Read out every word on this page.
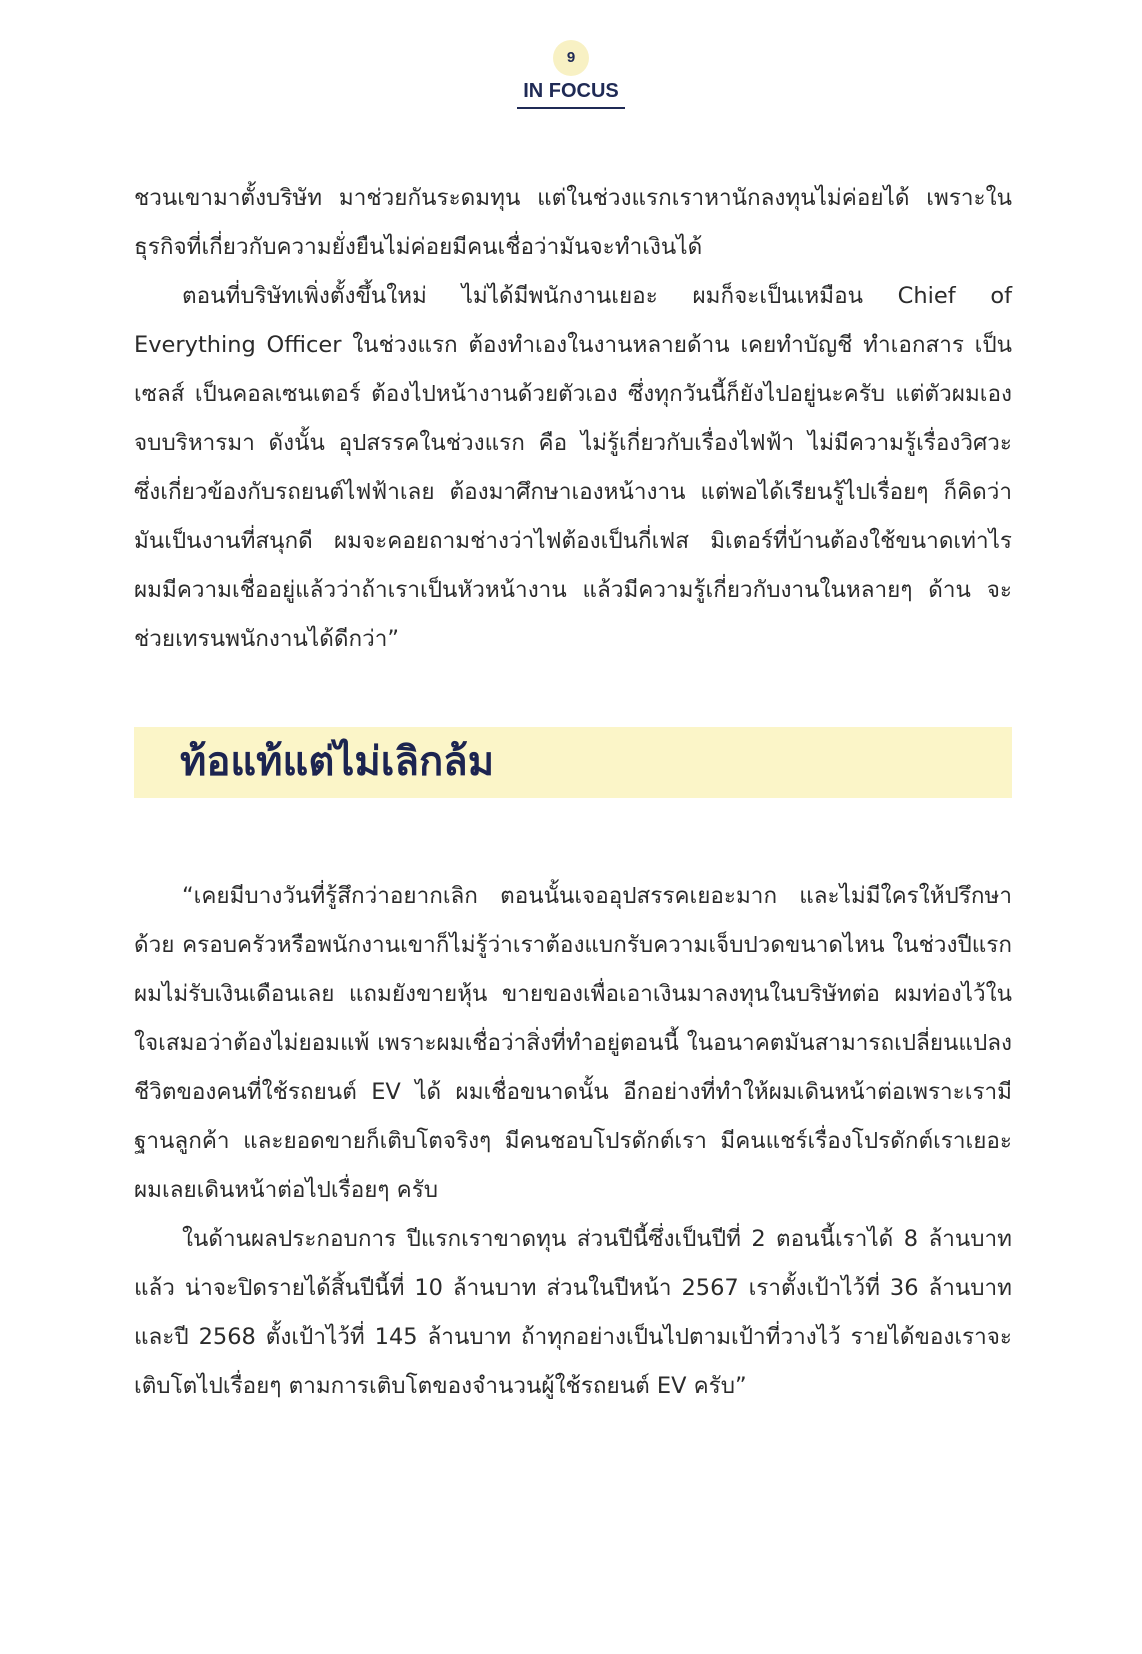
9
IN FOCUS

ชวนเขามาตั้งบริษัท มาช่วยกันระดมทุน แต่ในช่วงแรกเราหานักลงทุนไม่ค่อยได้ เพราะในธุรกิจที่เกี่ยวกับความยั่งยืนไม่ค่อยมีคนเชื่อว่ามันจะทำเงินได้

ตอนที่บริษัทเพิ่งตั้งขึ้นใหม่ ไม่ได้มีพนักงานเยอะ ผมก็จะเป็นเหมือน Chief of Everything Officer ในช่วงแรก ต้องทำเองในงานหลายด้าน เคยทำบัญชี ทำเอกสาร เป็นเซลส์ เป็นคอลเซนเตอร์ ต้องไปหน้างานด้วยตัวเอง ซึ่งทุกวันนี้ก็ยังไปอยู่นะครับ แต่ตัวผมเองจบบริหารมา ดังนั้น อุปสรรคในช่วงแรก คือ ไม่รู้เกี่ยวกับเรื่องไฟฟ้า ไม่มีความรู้เรื่องวิศวะ ซึ่งเกี่ยวข้องกับรถยนต์ไฟฟ้าเลย ต้องมาศึกษาเองหน้างาน แต่พอได้เรียนรู้ไปเรื่อยๆ ก็คิดว่ามันเป็นงานที่สนุกดี ผมจะคอยถามช่างว่าไฟต้องเป็นกี่เฟส มิเตอร์ที่บ้านต้องใช้ขนาดเท่าไร ผมมีความเชื่ออยู่แล้วว่าถ้าเราเป็นหัวหน้างาน แล้วมีความรู้เกี่ยวกับงานในหลายๆ ด้าน จะช่วยเทรนพนักงานได้ดีกว่า”

ท้อแท้แต่ไม่เลิกล้ม

“เคยมีบางวันที่รู้สึกว่าอยากเลิก ตอนนั้นเจออุปสรรคเยอะมาก และไม่มีใครให้ปรึกษาด้วย ครอบครัวหรือพนักงานเขาก็ไม่รู้ว่าเราต้องแบกรับความเจ็บปวดขนาดไหน ในช่วงปีแรกผมไม่รับเงินเดือนเลย แถมยังขายหุ้น ขายของเพื่อเอาเงินมาลงทุนในบริษัทต่อ ผมท่องไว้ในใจเสมอว่าต้องไม่ยอมแพ้ เพราะผมเชื่อว่าสิ่งที่ทำอยู่ตอนนี้ ในอนาคตมันสามารถเปลี่ยนแปลงชีวิตของคนที่ใช้รถยนต์ EV ได้ ผมเชื่อขนาดนั้น อีกอย่างที่ทำให้ผมเดินหน้าต่อเพราะเรามีฐานลูกค้า และยอดขายก็เติบโตจริงๆ มีคนชอบโปรดักต์เรา มีคนแชร์เรื่องโปรดักต์เราเยอะ ผมเลยเดินหน้าต่อไปเรื่อยๆ ครับ

ในด้านผลประกอบการ ปีแรกเราขาดทุน ส่วนปีนี้ซึ่งเป็นปีที่ 2 ตอนนี้เราได้ 8 ล้านบาทแล้ว น่าจะปิดรายได้สิ้นปีนี้ที่ 10 ล้านบาท ส่วนในปีหน้า 2567 เราตั้งเป้าไว้ที่ 36 ล้านบาท และปี 2568 ตั้งเป้าไว้ที่ 145 ล้านบาท ถ้าทุกอย่างเป็นไปตามเป้าที่วางไว้ รายได้ของเราจะเติบโตไปเรื่อยๆ ตามการเติบโตของจำนวนผู้ใช้รถยนต์ EV ครับ”
